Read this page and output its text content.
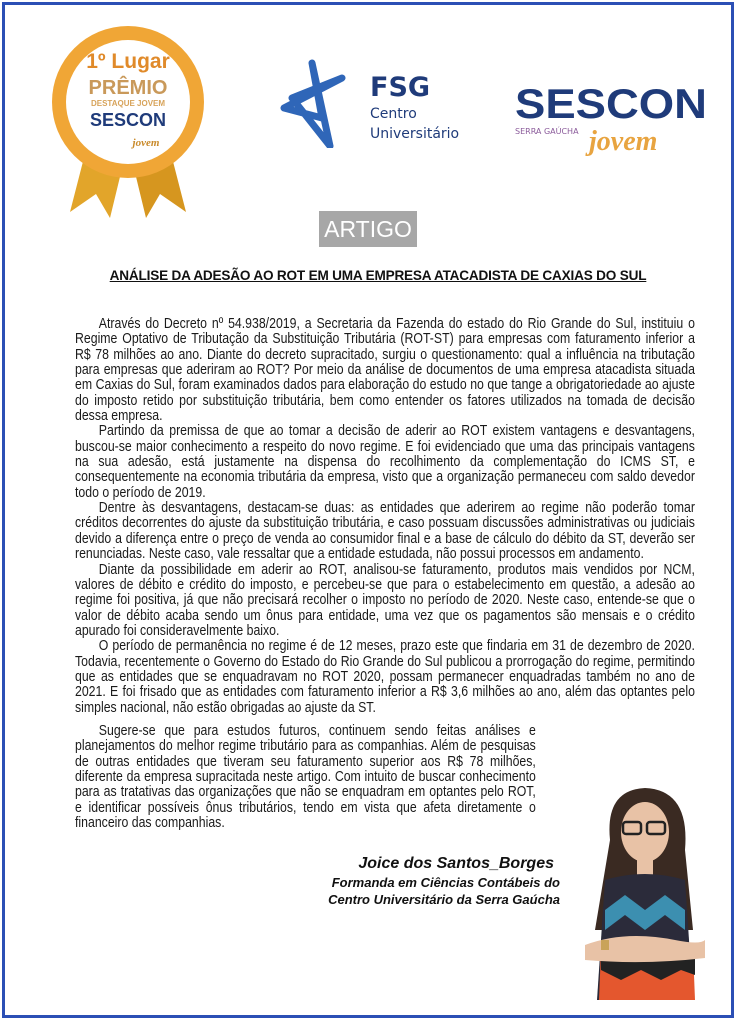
1º Lugar
PRÊMIO
DESTAQUE JOVEM
SESCON
jovem
FSG
Centro
Universitário
SESCON
SERRA GAÚCHA jovem
ARTIGO
ANÁLISE DA ADESÃO AO ROT EM UMA EMPRESA ATACADISTA DE CAXIAS DO SUL

Através do Decreto nº 54.938/2019, a Secretaria da Fazenda do estado do Rio Grande do Sul, instituiu o Regime Optativo de Tributação da Substituição Tributária (ROT-ST) para empresas com faturamento inferior a R$ 78 milhões ao ano. Diante do decreto supracitado, surgiu o questionamento: qual a influência na tributação para empresas que aderiram ao ROT? Por meio da análise de documentos de uma empresa atacadista situada em Caxias do Sul, foram examinados dados para elaboração do estudo no que tange a obrigatoriedade ao ajuste do imposto retido por substituição tributária, bem como entender os fatores utilizados na tomada de decisão dessa empresa.

Partindo da premissa de que ao tomar a decisão de aderir ao ROT existem vantagens e desvantagens, buscou-se maior conhecimento a respeito do novo regime. E foi evidenciado que uma das principais vantagens na sua adesão, está justamente na dispensa do recolhimento da complementação do ICMS ST, e consequentemente na economia tributária da empresa, visto que a organização permaneceu com saldo devedor todo o período de 2019.

Dentre às desvantagens, destacam-se duas: as entidades que aderirem ao regime não poderão tomar créditos decorrentes do ajuste da substituição tributária, e caso possuam discussões administrativas ou judiciais devido a diferença entre o preço de venda ao consumidor final e a base de cálculo do débito da ST, deverão ser renunciadas. Neste caso, vale ressaltar que a entidade estudada, não possui processos em andamento.

Diante da possibilidade em aderir ao ROT, analisou-se faturamento, produtos mais vendidos por NCM, valores de débito e crédito do imposto, e percebeu-se que para o estabelecimento em questão, a adesão ao regime foi positiva, já que não precisará recolher o imposto no período de 2020. Neste caso, entende-se que o valor de débito acaba sendo um ônus para entidade, uma vez que os pagamentos são mensais e o crédito apurado foi consideravelmente baixo.

O período de permanência no regime é de 12 meses, prazo este que findaria em 31 de dezembro de 2020. Todavia, recentemente o Governo do Estado do Rio Grande do Sul publicou a prorrogação do regime, permitindo que as entidades que se enquadravam no ROT 2020, possam permanecer enquadradas também no ano de 2021. E foi frisado que as entidades com faturamento inferior a R$ 3,6 milhões ao ano, além das optantes pelo simples nacional, não estão obrigadas ao ajuste da ST.

Sugere-se que para estudos futuros, continuem sendo feitas análises e planejamentos do melhor regime tributário para as companhias. Além de pesquisas de outras entidades que tiveram seu faturamento superior aos R$ 78 milhões, diferente da empresa supracitada neste artigo. Com intuito de buscar conhecimento para as tratativas das organizações que não se enquadram em optantes pelo ROT, e identificar possíveis ônus tributários, tendo em vista que afeta diretamente o financeiro das companhias.

Joice dos Santos_Borges
Formanda em Ciências Contábeis do
Centro Universitário da Serra Gaúcha
